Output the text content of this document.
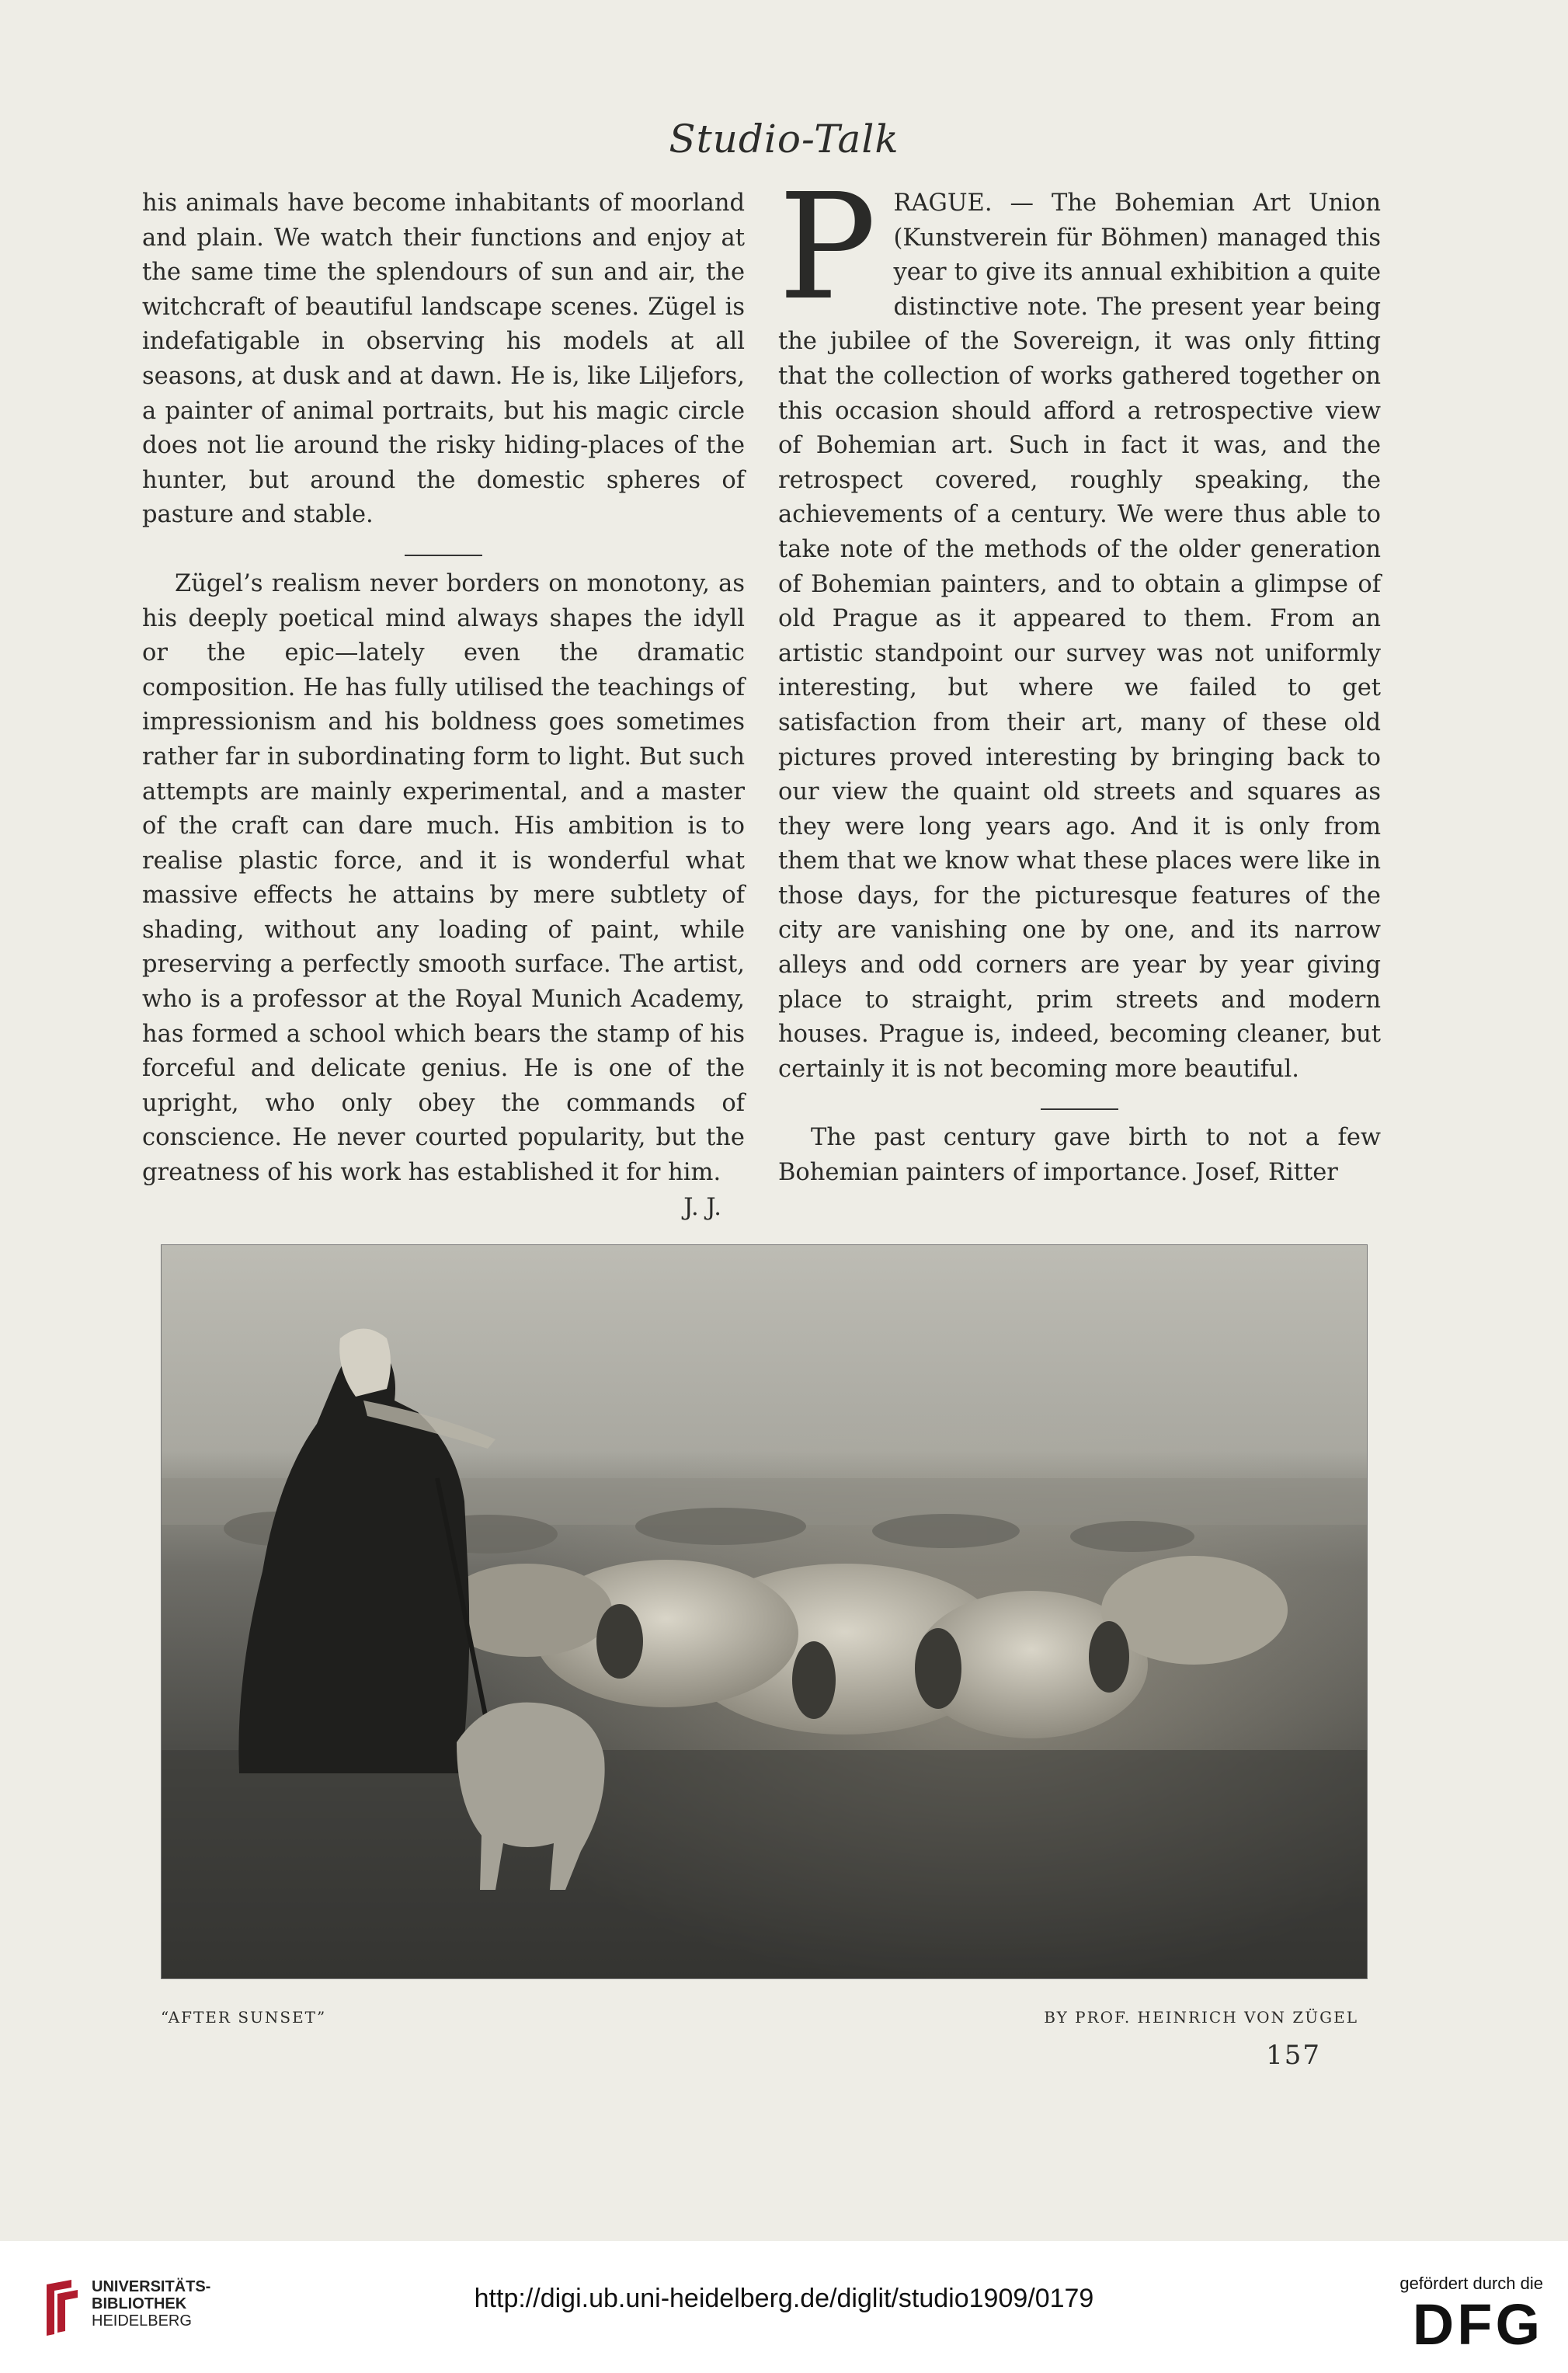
Studio-Talk

his animals have become inhabitants of moorland and plain. We watch their functions and enjoy at the same time the splendours of sun and air, the witchcraft of beautiful landscape scenes. Zügel is indefatigable in observing his models at all seasons, at dusk and at dawn. He is, like Liljefors, a painter of animal portraits, but his magic circle does not lie around the risky hiding-places of the hunter, but around the domestic spheres of pasture and stable.

Zügel’s realism never borders on monotony, as his deeply poetical mind always shapes the idyll or the epic—lately even the dramatic composition. He has fully utilised the teachings of impressionism and his boldness goes sometimes rather far in subordinating form to light. But such attempts are mainly experimental, and a master of the craft can dare much. His ambition is to realise plastic force, and it is wonderful what massive effects he attains by mere subtlety of shading, without any loading of paint, while preserving a perfectly smooth surface. The artist, who is a professor at the Royal Munich Academy, has formed a school which bears the stamp of his forceful and delicate genius. He is one of the upright, who only obey the commands of conscience. He never courted popularity, but the greatness of his work has established it for him.
J. J.

PRAGUE. — The Bohemian Art Union (Kunstverein für Böhmen) managed this year to give its annual exhibition a quite distinctive note. The present year being the jubilee of the Sovereign, it was only fitting that the collection of works gathered together on this occasion should afford a retrospective view of Bohemian art. Such in fact it was, and the retrospect covered, roughly speaking, the achievements of a century. We were thus able to take note of the methods of the older generation of Bohemian painters, and to obtain a glimpse of old Prague as it appeared to them. From an artistic standpoint our survey was not uniformly interesting, but where we failed to get satisfaction from their art, many of these old pictures proved interesting by bringing back to our view the quaint old streets and squares as they were long years ago. And it is only from them that we know what these places were like in those days, for the picturesque features of the city are vanishing one by one, and its narrow alleys and odd corners are year by year giving place to straight, prim streets and modern houses. Prague is, indeed, becoming cleaner, but certainly it is not becoming more beautiful.

The past century gave birth to not a few Bohemian painters of importance. Josef, Ritter

“AFTER SUNSET”	BY PROF. HEINRICH VON ZÜGEL
157
UNIVERSITÄTS-
BIBLIOTHEK
HEIDELBERG
http://digi.ub.uni-heidelberg.de/diglit/studio1909/0179
gefördert durch die
DFG
